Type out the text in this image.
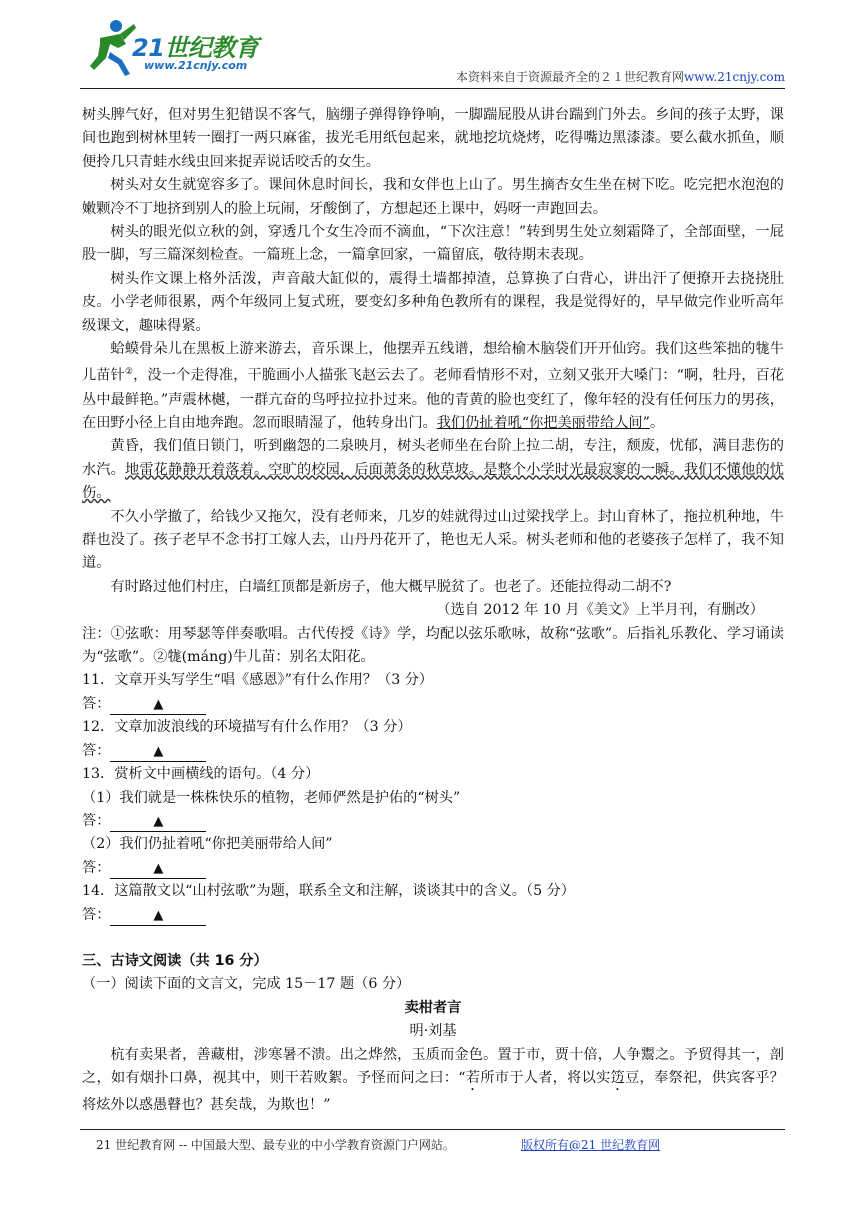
21世纪教育
www.21cnjy.com
本资料来自于资源最齐全的２１世纪教育网www.21cnjy.com

树头脾气好，但对男生犯错误不客气，脑绷子弹得铮铮响，一脚踹屁股从讲台踹到门外去。乡间的孩子太野，课间也跑到树林里转一圈打一两只麻雀，拔光毛用纸包起来，就地挖坑烧烤，吃得嘴边黑漆漆。要么截水抓鱼，顺便拎几只青蛙水线虫回来捉弄说话咬舌的女生。

树头对女生就宽容多了。课间休息时间长，我和女伴也上山了。男生摘杏女生坐在树下吃。吃完把水泡泡的嫩颗冷不丁地挤到别人的脸上玩闹，牙酸倒了，方想起还上课中，妈呀一声跑回去。

树头的眼光似立秋的剑，穿透几个女生冷而不滴血，“下次注意！”转到男生处立刻霜降了，全部面壁，一屁股一脚，写三篇深刻检查。一篇班上念，一篇拿回家，一篇留底，敬待期末表现。

树头作文课上格外活泼，声音敲大缸似的，震得土墙都掉渣，总算换了白背心，讲出汗了便撩开去挠挠肚皮。小学老师很累，两个年级同上复式班，要变幻多种角色教所有的课程，我是觉得好的，早早做完作业听高年级课文，趣味得紧。

蛤蟆骨朵儿在黑板上游来游去，音乐课上，他摆弄五线谱，想给榆木脑袋们开开仙窍。我们这些笨拙的牻牛儿苗针②，没一个走得准，干脆画小人描张飞赵云去了。老师看情形不对，立刻又张开大嗓门：“啊，牡丹，百花丛中最鲜艳。”声震林樾，一群亢奋的鸟呼拉拉扑过来。他的青黄的脸也变红了，像年轻的没有任何压力的男孩，在田野小径上自由地奔跑。忽而眼睛湿了，他转身出门。我们仍扯着吼“你把美丽带给人间”。

黄昏，我们值日锁门，听到幽怨的二泉映月，树头老师坐在台阶上拉二胡，专注，颓废，忧郁，满目悲伤的水汽。地雷花静静开着落着。空旷的校园，后面萧条的秋草坡。是整个小学时光最寂寥的一瞬。我们不懂他的忧伤。

不久小学撤了，给钱少又拖欠，没有老师来，几岁的娃就得过山过梁找学上。封山育林了，拖拉机种地，牛群也没了。孩子老早不念书打工嫁人去，山丹丹花开了，艳也无人采。树头老师和他的老婆孩子怎样了，我不知道。

有时路过他们村庄，白墙红顶都是新房子，他大概早脱贫了。也老了。还能拉得动二胡不?

（选自 2012 年 10 月《美文》上半月刊，有删改）

注：①弦歌：用琴瑟等伴奏歌唱。古代传授《诗》学，均配以弦乐歌咏，故称“弦歌”。后指礼乐教化、学习诵读为“弦歌”。②牻(máng)牛儿苗：别名太阳花。

11．文章开头写学生“唱《感恩》”有什么作用？（3 分）

答：	▲

12．文章加波浪线的环境描写有什么作用？（3 分）

答：	▲

13．赏析文中画横线的语句。（4 分）

（1）我们就是一株株快乐的植物，老师俨然是护佑的“树头”

答：	▲

（2）我们仍扯着吼“你把美丽带给人间”

答：	▲

14．这篇散文以“山村弦歌”为题，联系全文和注解，谈谈其中的含义。（5 分）

答：	▲

三、古诗文阅读（共 16 分）

（一）阅读下面的文言文，完成 15－17 题（6 分）

卖柑者言

明·刘基

杭有卖果者，善藏柑，涉寒暑不溃。出之烨然，玉质而金色。置于市，贾十倍，人争鬻之。予贸得其一，剖之，如有烟扑口鼻，视其中，则干若败絮。予怪而问之曰：“若所市于人者，将以实笾豆，奉祭祀，供宾客乎？将炫外以惑愚瞽也？甚矣哉，为欺也！”

21 世纪教育网 -- 中国最大型、最专业的中小学教育资源门户网站。	版权所有@21 世纪教育网
